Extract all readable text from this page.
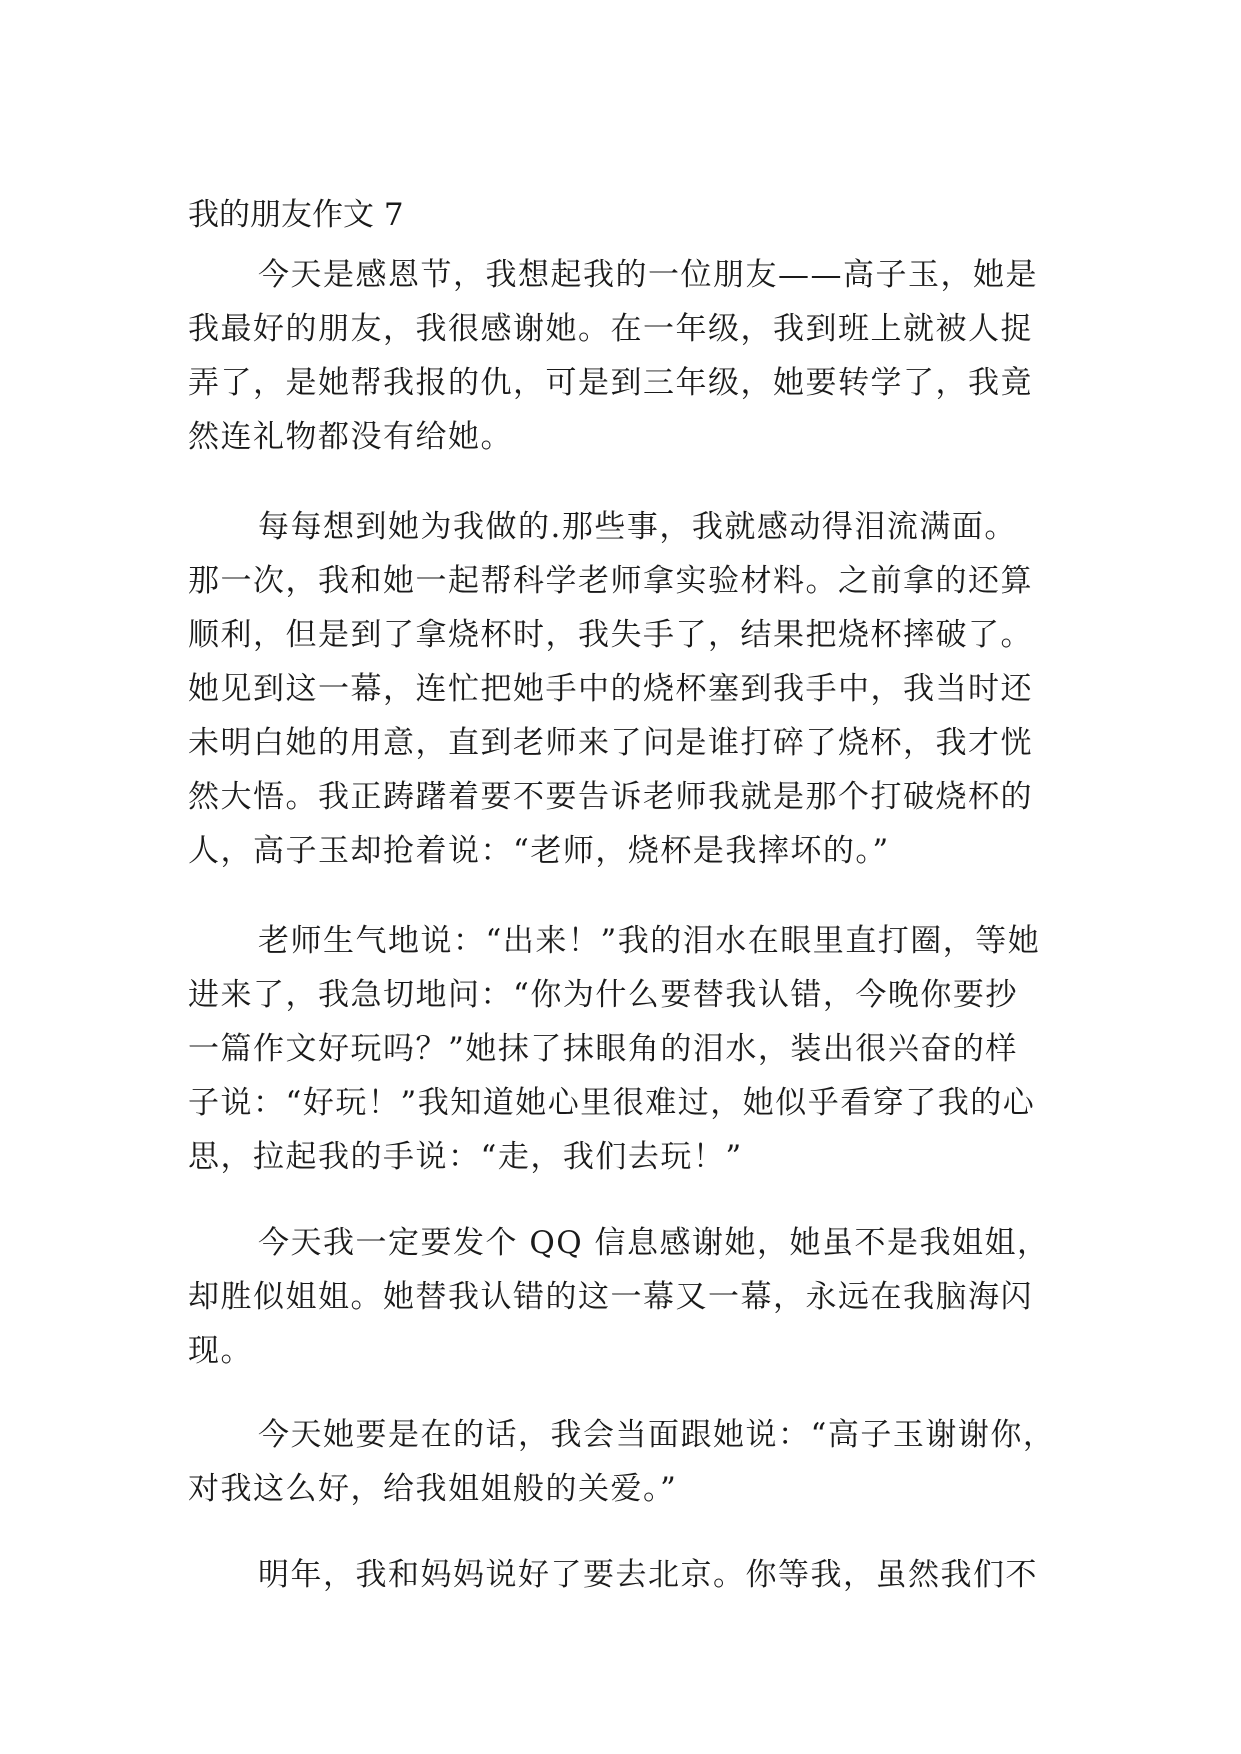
我的朋友作文 7

今天是感恩节，我想起我的一位朋友——高子玉，她是

我最好的朋友，我很感谢她。在一年级，我到班上就被人捉

弄了，是她帮我报的仇，可是到三年级，她要转学了，我竟

然连礼物都没有给她。

每每想到她为我做的.那些事，我就感动得泪流满面。

那一次，我和她一起帮科学老师拿实验材料。之前拿的还算

顺利，但是到了拿烧杯时，我失手了，结果把烧杯摔破了。

她见到这一幕，连忙把她手中的烧杯塞到我手中，我当时还

未明白她的用意，直到老师来了问是谁打碎了烧杯，我才恍

然大悟。我正踌躇着要不要告诉老师我就是那个打破烧杯的

人，高子玉却抢着说：“老师，烧杯是我摔坏的。”

老师生气地说：“出来！”我的泪水在眼里直打圈，等她

进来了，我急切地问：“你为什么要替我认错，今晚你要抄

一篇作文好玩吗？”她抹了抹眼角的泪水，装出很兴奋的样

子说：“好玩！”我知道她心里很难过，她似乎看穿了我的心

思，拉起我的手说：“走，我们去玩！”

今天我一定要发个 QQ 信息感谢她，她虽不是我姐姐，

却胜似姐姐。她替我认错的这一幕又一幕，永远在我脑海闪

现。

今天她要是在的话，我会当面跟她说：“高子玉谢谢你，

对我这么好，给我姐姐般的关爱。”

明年，我和妈妈说好了要去北京。你等我，虽然我们不
